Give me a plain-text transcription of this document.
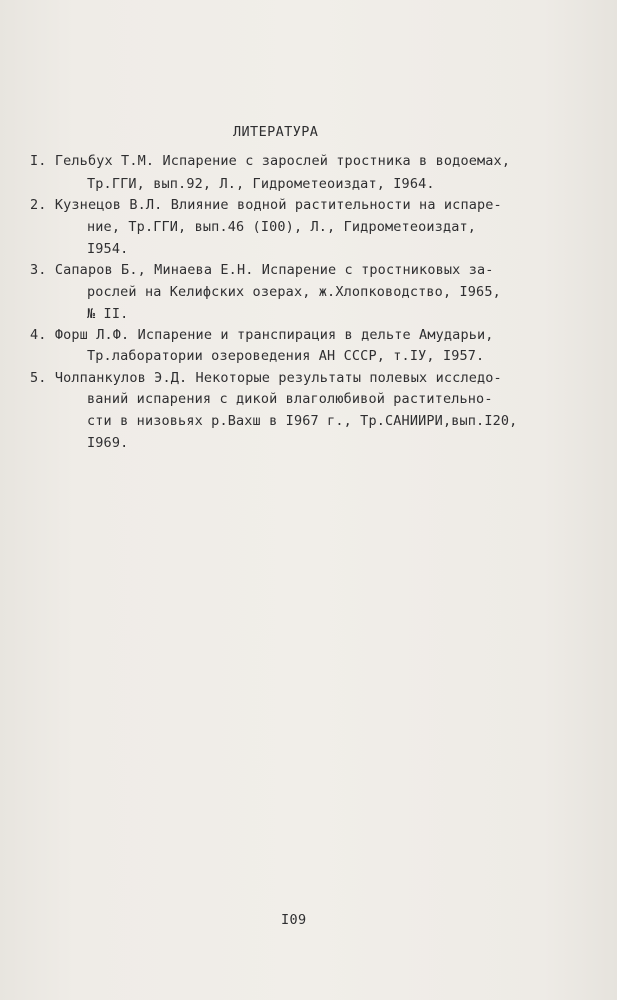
ЛИТЕРАТУРА
I. Гельбух Т.М. Испарение с зарослей тростника в водоемах,
Тр.ГГИ, вып.92, Л., Гидрометеоиздат, I964.
2. Кузнецов В.Л. Влияние водной растительности на испаре-
ние, Тр.ГГИ, вып.46 (I00), Л., Гидрометеоиздат,
I954.
3. Сапаров Б., Минаева Е.Н. Испарение с тростниковых за-
рослей на Келифских озерах, ж.Хлопководство, I965,
№ II.
4. Форш Л.Ф. Испарение и транспирация в дельте Амударьи,
Тр.лаборатории озероведения АН СССР, т.IУ, I957.
5. Чолпанкулов Э.Д. Некоторые результаты полевых исследо-
ваний испарения с дикой влаголюбивой растительно-
сти в низовьях р.Вахш в I967 г., Тр.САНИИРИ,вып.I20,
I969.
I09
